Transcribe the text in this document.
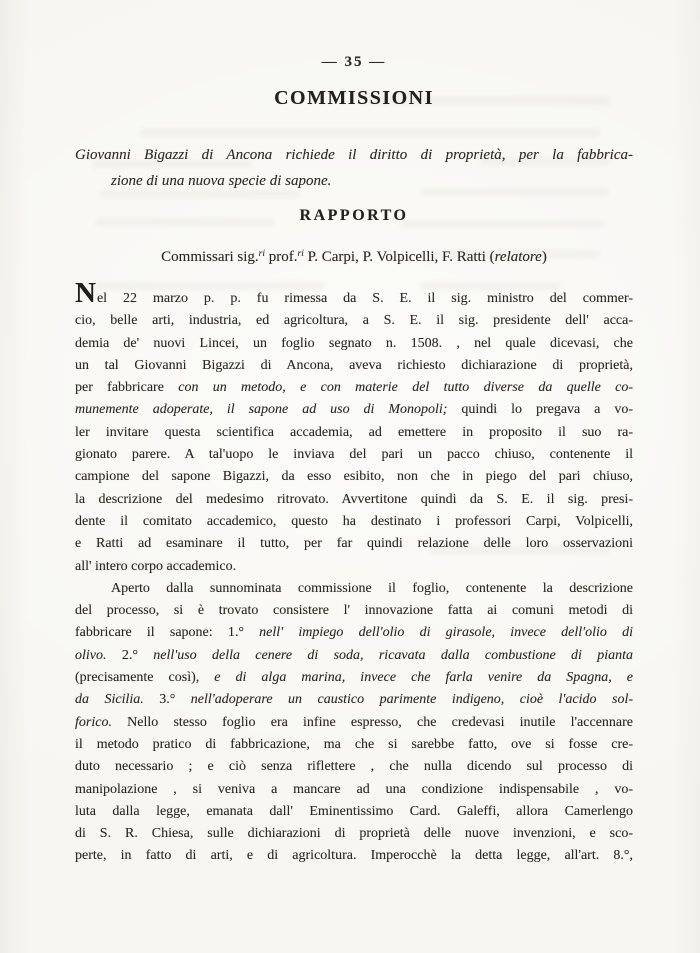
— 35 —
COMMISSIONI
Giovanni Bigazzi di Ancona richiede il diritto di proprietà, per la fabbrica-
zione di una nuova specie di sapone.
RAPPORTO
Commissari sig.$^{ri}$ prof.$^{ri}$ P. Carpi, P. Volpicelli, F. Ratti (relatore)
Nel 22 marzo p. p. fu rimessa da S. E. il sig. ministro del commer-
cio, belle arti, industria, ed agricoltura, a S. E. il sig. presidente dell' acca-
demia de' nuovi Lincei, un foglio segnato n. 1508. , nel quale dicevasi, che
un tal Giovanni Bigazzi di Ancona, aveva richiesto dichiarazione di proprietà,
per fabbricare con un metodo, e con materie del tutto diverse da quelle co-
munemente adoperate, il sapone ad uso di Monopoli; quindi lo pregava a vo-
ler invitare questa scientifica accademia, ad emettere in proposito il suo ra-
gionato parere. A tal'uopo le inviava del pari un pacco chiuso, contenente il
campione del sapone Bigazzi, da esso esibito, non che in piego del pari chiuso,
la descrizione del medesimo ritrovato. Avvertitone quindi da S. E. il sig. presi-
dente il comitato accademico, questo ha destinato i professori Carpi, Volpicelli,
e Ratti ad esaminare il tutto, per far quindi relazione delle loro osservazioni
all' intero corpo accademico.
Aperto dalla sunnominata commissione il foglio, contenente la descrizione
del processo, si è trovato consistere l' innovazione fatta ai comuni metodi di
fabbricare il sapone: 1.° nell' impiego dell'olio di girasole, invece dell'olio di
olivo. 2.° nell'uso della cenere di soda, ricavata dalla combustione di pianta
(precisamente così), e di alga marina, invece che farla venire da Spagna, e
da Sicilia. 3.° nell'adoperare un caustico parimente indigeno, cioè l'acido sol-
forico. Nello stesso foglio era infine espresso, che credevasi inutile l'accennare
il metodo pratico di fabbricazione, ma che si sarebbe fatto, ove si fosse cre-
duto necessario ; e ciò senza riflettere , che nulla dicendo sul processo di
manipolazione , si veniva a mancare ad una condizione indispensabile , vo-
luta dalla legge, emanata dall' Eminentissimo Card. Galeffi, allora Camerlengo
di S. R. Chiesa, sulle dichiarazioni di proprietà delle nuove invenzioni, e sco-
perte, in fatto di arti, e di agricoltura. Imperocchè la detta legge, all'art. 8.°,
